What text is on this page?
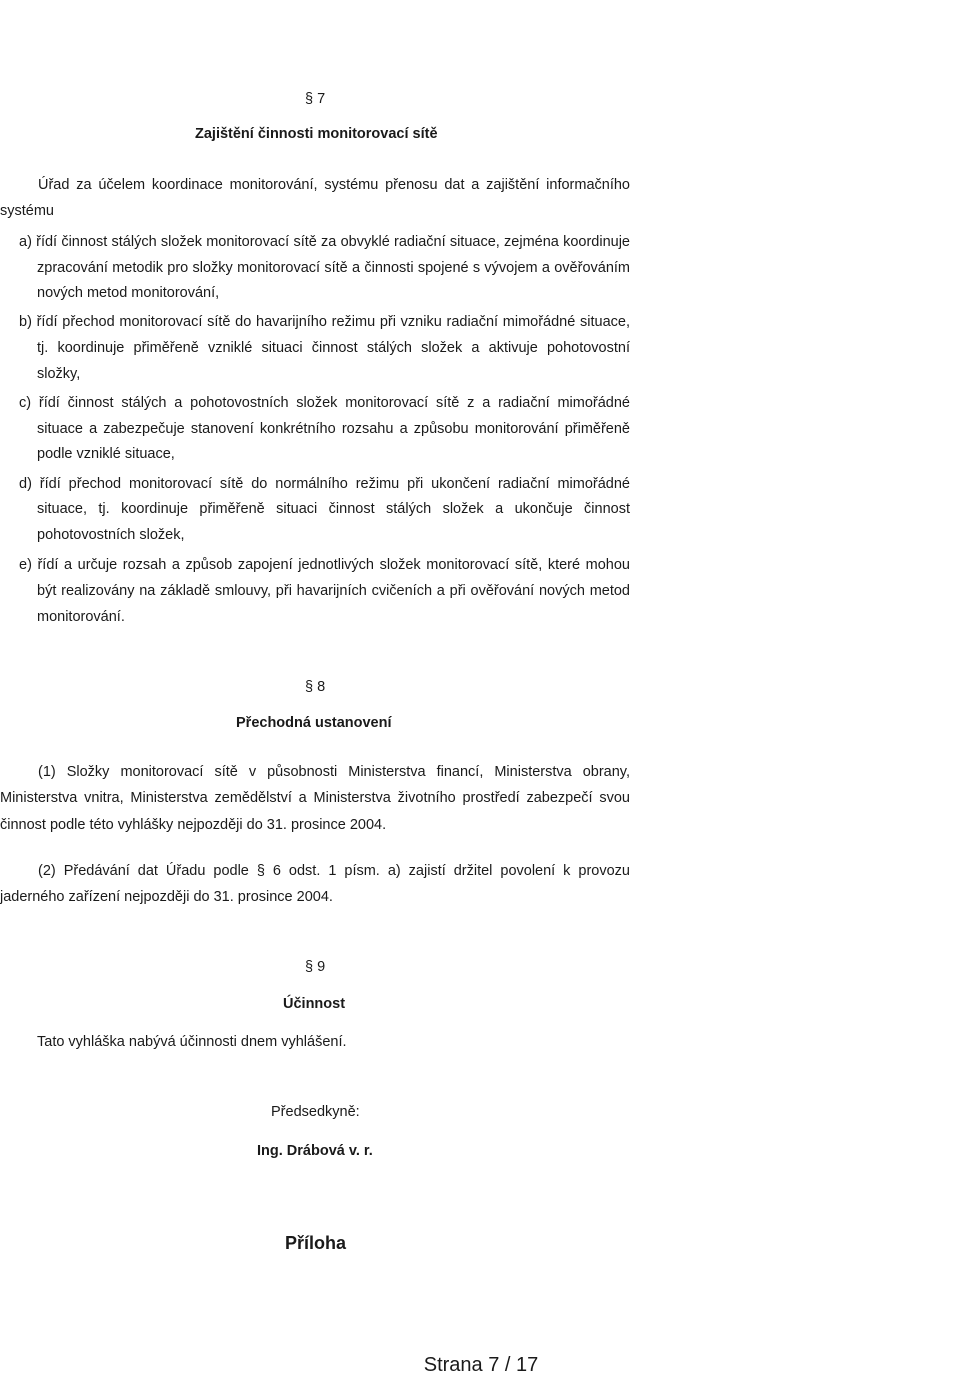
§ 7
Zajištění činnosti monitorovací sítě
Úřad za účelem koordinace monitorování, systému přenosu dat a zajištění informačního
systému
a) řídí činnost stálých složek monitorovací sítě za obvyklé radiační situace, zejména koordinuje
zpracování metodik pro složky monitorovací sítě a činnosti spojené s vývojem a ověřováním
nových metod monitorování,
b) řídí přechod monitorovací sítě do havarijního režimu při vzniku radiační mimořádné situace,
tj. koordinuje přiměřeně vzniklé situaci činnost stálých složek a aktivuje pohotovostní
složky,
c) řídí činnost stálých a pohotovostních složek monitorovací sítě z a radiační mimořádné
situace a zabezpečuje stanovení konkrétního rozsahu a způsobu monitorování přiměřeně
podle vzniklé situace,
d) řídí přechod monitorovací sítě do normálního režimu při ukončení radiační mimořádné
situace, tj. koordinuje přiměřeně situaci činnost stálých složek a ukončuje činnost
pohotovostních složek,
e) řídí a určuje rozsah a způsob zapojení jednotlivých složek monitorovací sítě, které mohou
být realizovány na základě smlouvy, při havarijních cvičeních a při ověřování nových metod
monitorování.
§ 8
Přechodná ustanovení
(1) Složky monitorovací sítě v působnosti Ministerstva financí, Ministerstva obrany,
Ministerstva vnitra, Ministerstva zemědělství a Ministerstva životního prostředí zabezpečí svou
činnost podle této vyhlášky nejpozději do 31. prosince 2004.
(2) Předávání dat Úřadu podle § 6 odst. 1 písm. a) zajistí držitel povolení k provozu
jaderného zařízení nejpozději do 31. prosince 2004.
§ 9
Účinnost
Tato vyhláška nabývá účinnosti dnem vyhlášení.
Předsedkyně:
Ing. Drábová v. r.
Příloha
Strana 7 / 17
